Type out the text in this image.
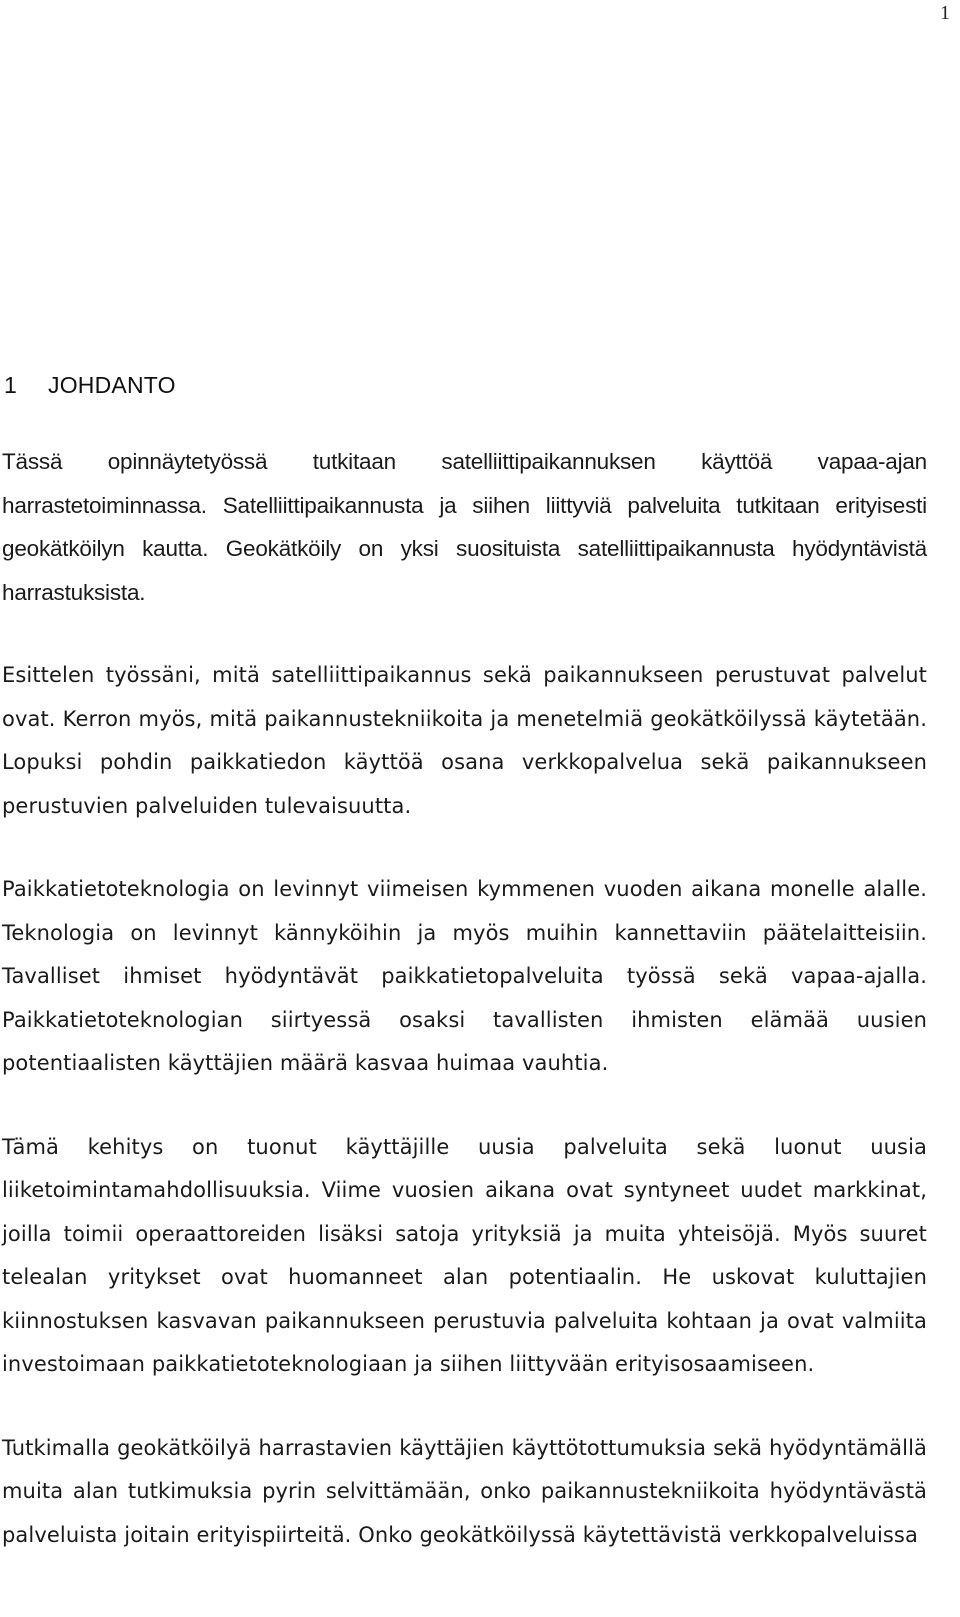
1
1 JOHDANTO

Tässä opinnäytetyössä tutkitaan satelliittipaikannuksen käyttöä vapaa-ajan harrastetoiminnassa. Satelliittipaikannusta ja siihen liittyviä palveluita tutkitaan erityisesti geokätköilyn kautta. Geokätköily on yksi suosituista satelliittipaikannusta hyödyntävistä harrastuksista.

Esittelen työssäni, mitä satelliittipaikannus sekä paikannukseen perustuvat palvelut ovat. Kerron myös, mitä paikannustekniikoita ja menetelmiä geokätköilyssä käytetään. Lopuksi pohdin paikkatiedon käyttöä osana verkkopalvelua sekä paikannukseen perustuvien palveluiden tulevaisuutta.

Paikkatietoteknologia on levinnyt viimeisen kymmenen vuoden aikana monelle alalle. Teknologia on levinnyt kännyköihin ja myös muihin kannettaviin päätelaitteisiin. Tavalliset ihmiset hyödyntävät paikkatietopalveluita työssä sekä vapaa-ajalla. Paikkatietoteknologian siirtyessä osaksi tavallisten ihmisten elämää uusien potentiaalisten käyttäjien määrä kasvaa huimaa vauhtia.

Tämä kehitys on tuonut käyttäjille uusia palveluita sekä luonut uusia liiketoimintamahdollisuuksia. Viime vuosien aikana ovat syntyneet uudet markkinat, joilla toimii operaattoreiden lisäksi satoja yrityksiä ja muita yhteisöjä. Myös suuret telealan yritykset ovat huomanneet alan potentiaalin. He uskovat kuluttajien kiinnostuksen kasvavan paikannukseen perustuvia palveluita kohtaan ja ovat valmiita investoimaan paikkatietoteknologiaan ja siihen liittyvään erityisosaamiseen.

Tutkimalla geokätköilyä harrastavien käyttäjien käyttötottumuksia sekä hyödyntämällä muita alan tutkimuksia pyrin selvittämään, onko paikannustekniikoita hyödyntävästä palveluista joitain erityispiirteitä. Onko geokätköilyssä käytettävistä verkkopalveluissa
